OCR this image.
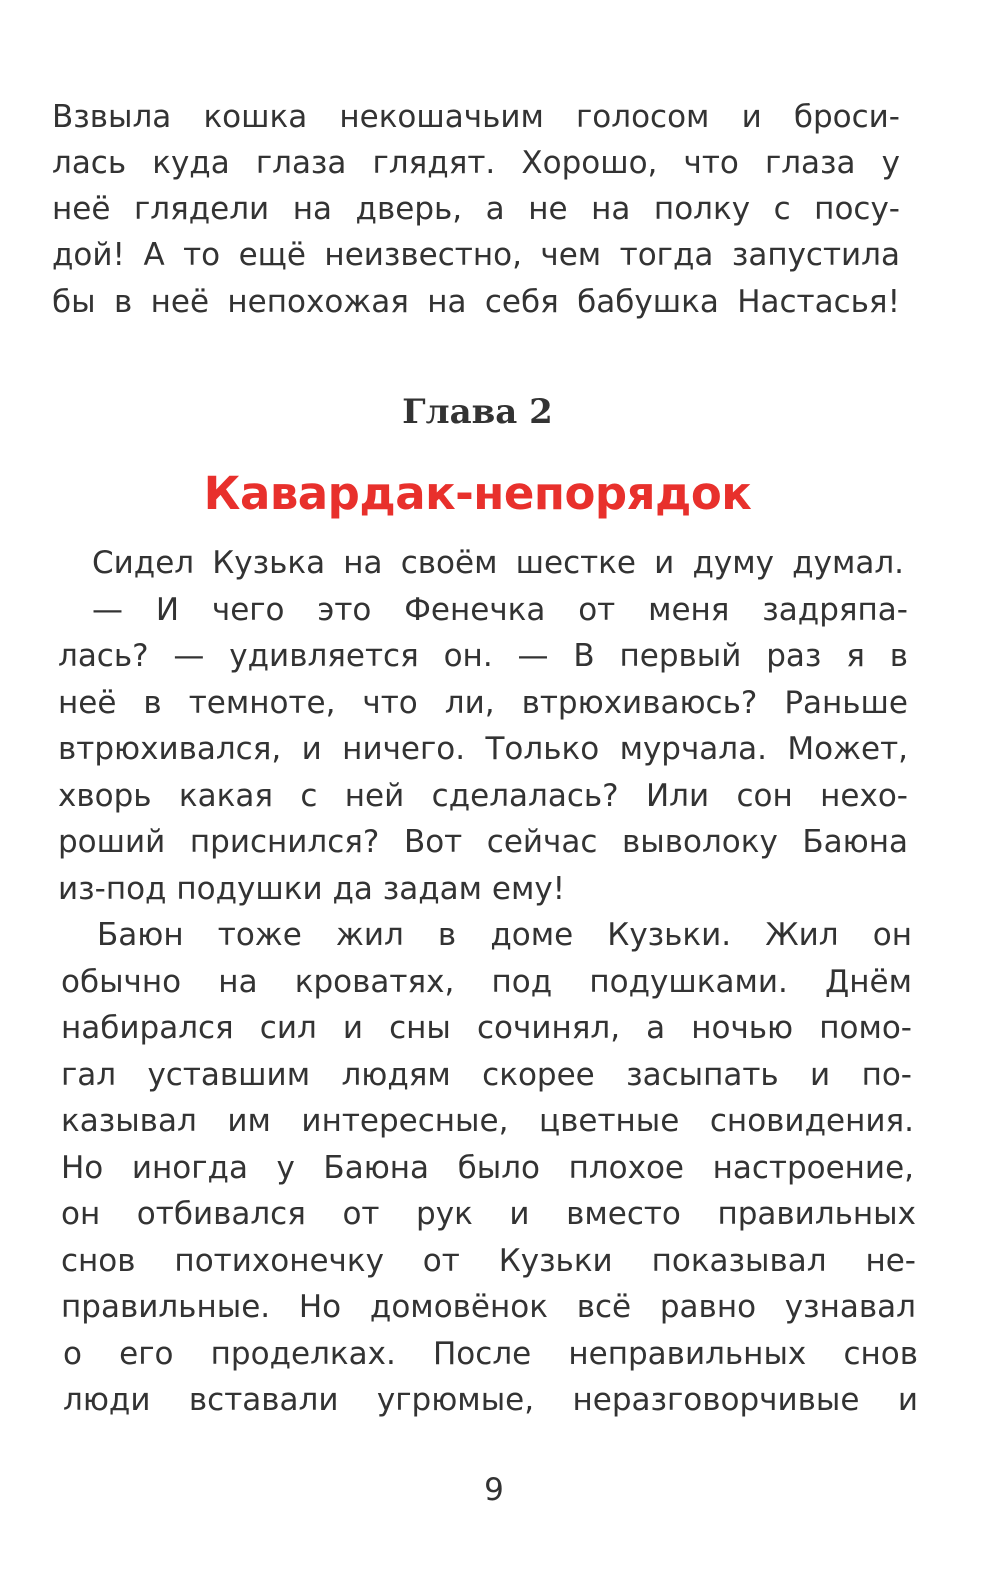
Взвыла кошка некошачьим голосом и броси-
лась куда глаза глядят. Хорошо, что глаза у
неё глядели на дверь, а не на полку с посу-
дой! А то ещё неизвестно, чем тогда запустила
бы в неё непохожая на себя бабушка Настасья!
Глава 2
Кавардак-непорядок
Сидел Кузька на своём шестке и думу думал.
— И чего это Фенечка от меня задряпа-
лась? — удивляется он. — В первый раз я в
неё в темноте, что ли, втрюхиваюсь? Раньше
втрюхивался, и ничего. Только мурчала. Может,
хворь какая с ней сделалась? Или сон нехо-
роший приснился? Вот сейчас выволоку Баюна
из-под подушки да задам ему!
Баюн тоже жил в доме Кузьки. Жил он
обычно на кроватях, под подушками. Днём
набирался сил и сны сочинял, а ночью помо-
гал уставшим людям скорее засыпать и по-
казывал им интересные, цветные сновидения.
Но иногда у Баюна было плохое настроение,
он отбивался от рук и вместо правильных
снов потихонечку от Кузьки показывал не-
правильные. Но домовёнок всё равно узнавал
о его проделках. После неправильных снов
люди вставали угрюмые, неразговорчивые и
9
